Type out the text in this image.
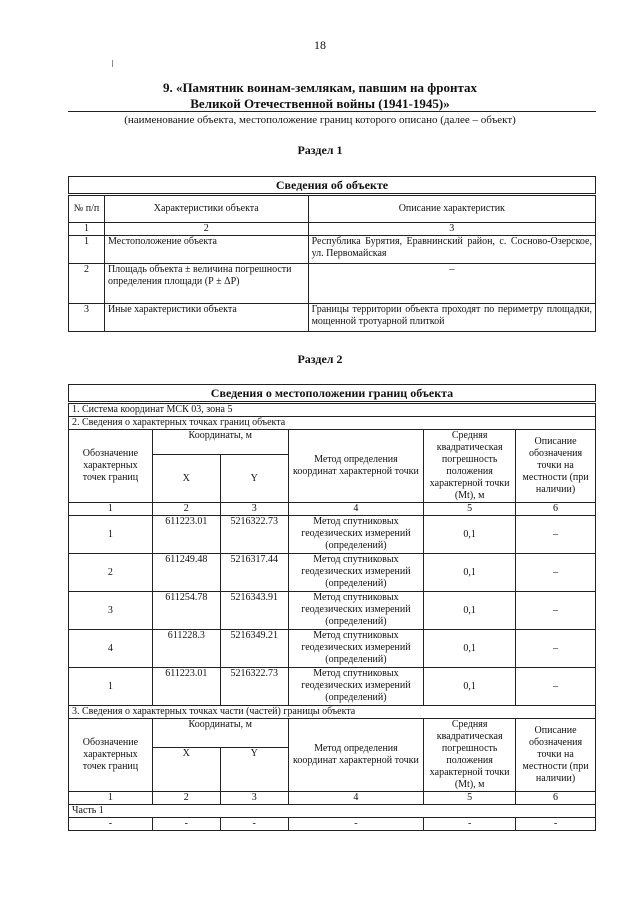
18
9. «Памятник воинам-землякам, павшим на фронтах
Великой Отечественной войны (1941-1945)»
(наименование объекта, местоположение границ которого описано (далее – объект)
Раздел 1
Сведения об объекте		
№ п/п	Характеристики объекта	Описание характеристик
1	2	3
1	Местоположение объекта	Республика Бурятия, Еравнинский район, с. Сосново-Озерское, ул. Первомайская
2	Площадь объекта ± величина погрешности определения площади (Р ± ΔР)	–
3	Иные характеристики объекта	Границы территории объекта проходят по периметру площадки, мощенной тротуарной плиткой
Раздел 2
Сведения о местоположении границ объекта					
1. Система координат МСК 03, зона 5					
2. Сведения о характерных точках границ объекта					
Обозначение характерных точек границ	Координаты, м		Метод определения координат характерной точки	Средняя квадратическая погрешность положения характерной точки (Mt), м	Описание обозначения точки на местности (при наличии)
	X	Y			
1	2	3	4	5	6
1	611223.01	5216322.73	Метод спутниковых геодезических измерений (определений)	0,1	–
2	611249.48	5216317.44	Метод спутниковых геодезических измерений (определений)	0,1	–
3	611254.78	5216343.91	Метод спутниковых геодезических измерений (определений)	0,1	–
4	611228.3	5216349.21	Метод спутниковых геодезических измерений (определений)	0,1	–
1	611223.01	5216322.73	Метод спутниковых геодезических измерений (определений)	0,1	–
3. Сведения о характерных точках части (частей) границы объекта					
Обозначение характерных точек границ	Координаты, м		Метод определения координат характерной точки	Средняя квадратическая погрешность положения характерной точки (Mt), м	Описание обозначения точки на местности (при наличии)
	X	Y			
1	2	3	4	5	6
Часть 1					
-	-	-	-	-	-
